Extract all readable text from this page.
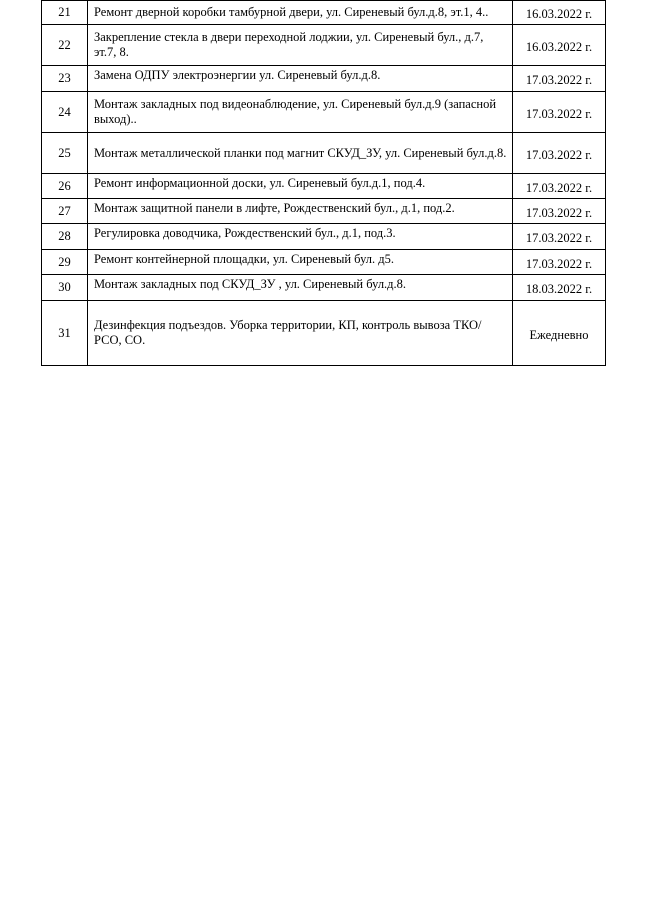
21	Ремонт дверной коробки тамбурной двери, ул. Сиреневый бул.д.8, эт.1, 4..	16.03.2022 г.
22	Закрепление стекла в двери переходной лоджии, ул. Сиреневый бул., д.7, эт.7, 8.	16.03.2022 г.
23	Замена ОДПУ электроэнергии ул. Сиреневый бул.д.8.	17.03.2022 г.
24	Монтаж закладных под видеонаблюдение, ул. Сиреневый бул.д.9 (запасной выход)..	17.03.2022 г.
25	Монтаж металлической планки под магнит СКУД_ЗУ, ул. Сиреневый бул.д.8.	17.03.2022 г.
26	Ремонт информационной доски, ул. Сиреневый бул.д.1, под.4.	17.03.2022 г.
27	Монтаж защитной панели в лифте, Рождественский бул., д.1, под.2.	17.03.2022 г.
28	Регулировка доводчика, Рождественский бул., д.1, под.3.	17.03.2022 г.
29	Ремонт контейнерной площадки, ул. Сиреневый бул. д5.	17.03.2022 г.
30	Монтаж закладных под СКУД_ЗУ , ул. Сиреневый бул.д.8.	18.03.2022 г.
31	Дезинфекция подъездов. Уборка территории, КП, контроль вывоза ТКО/РСО, СО.	Ежедневно
